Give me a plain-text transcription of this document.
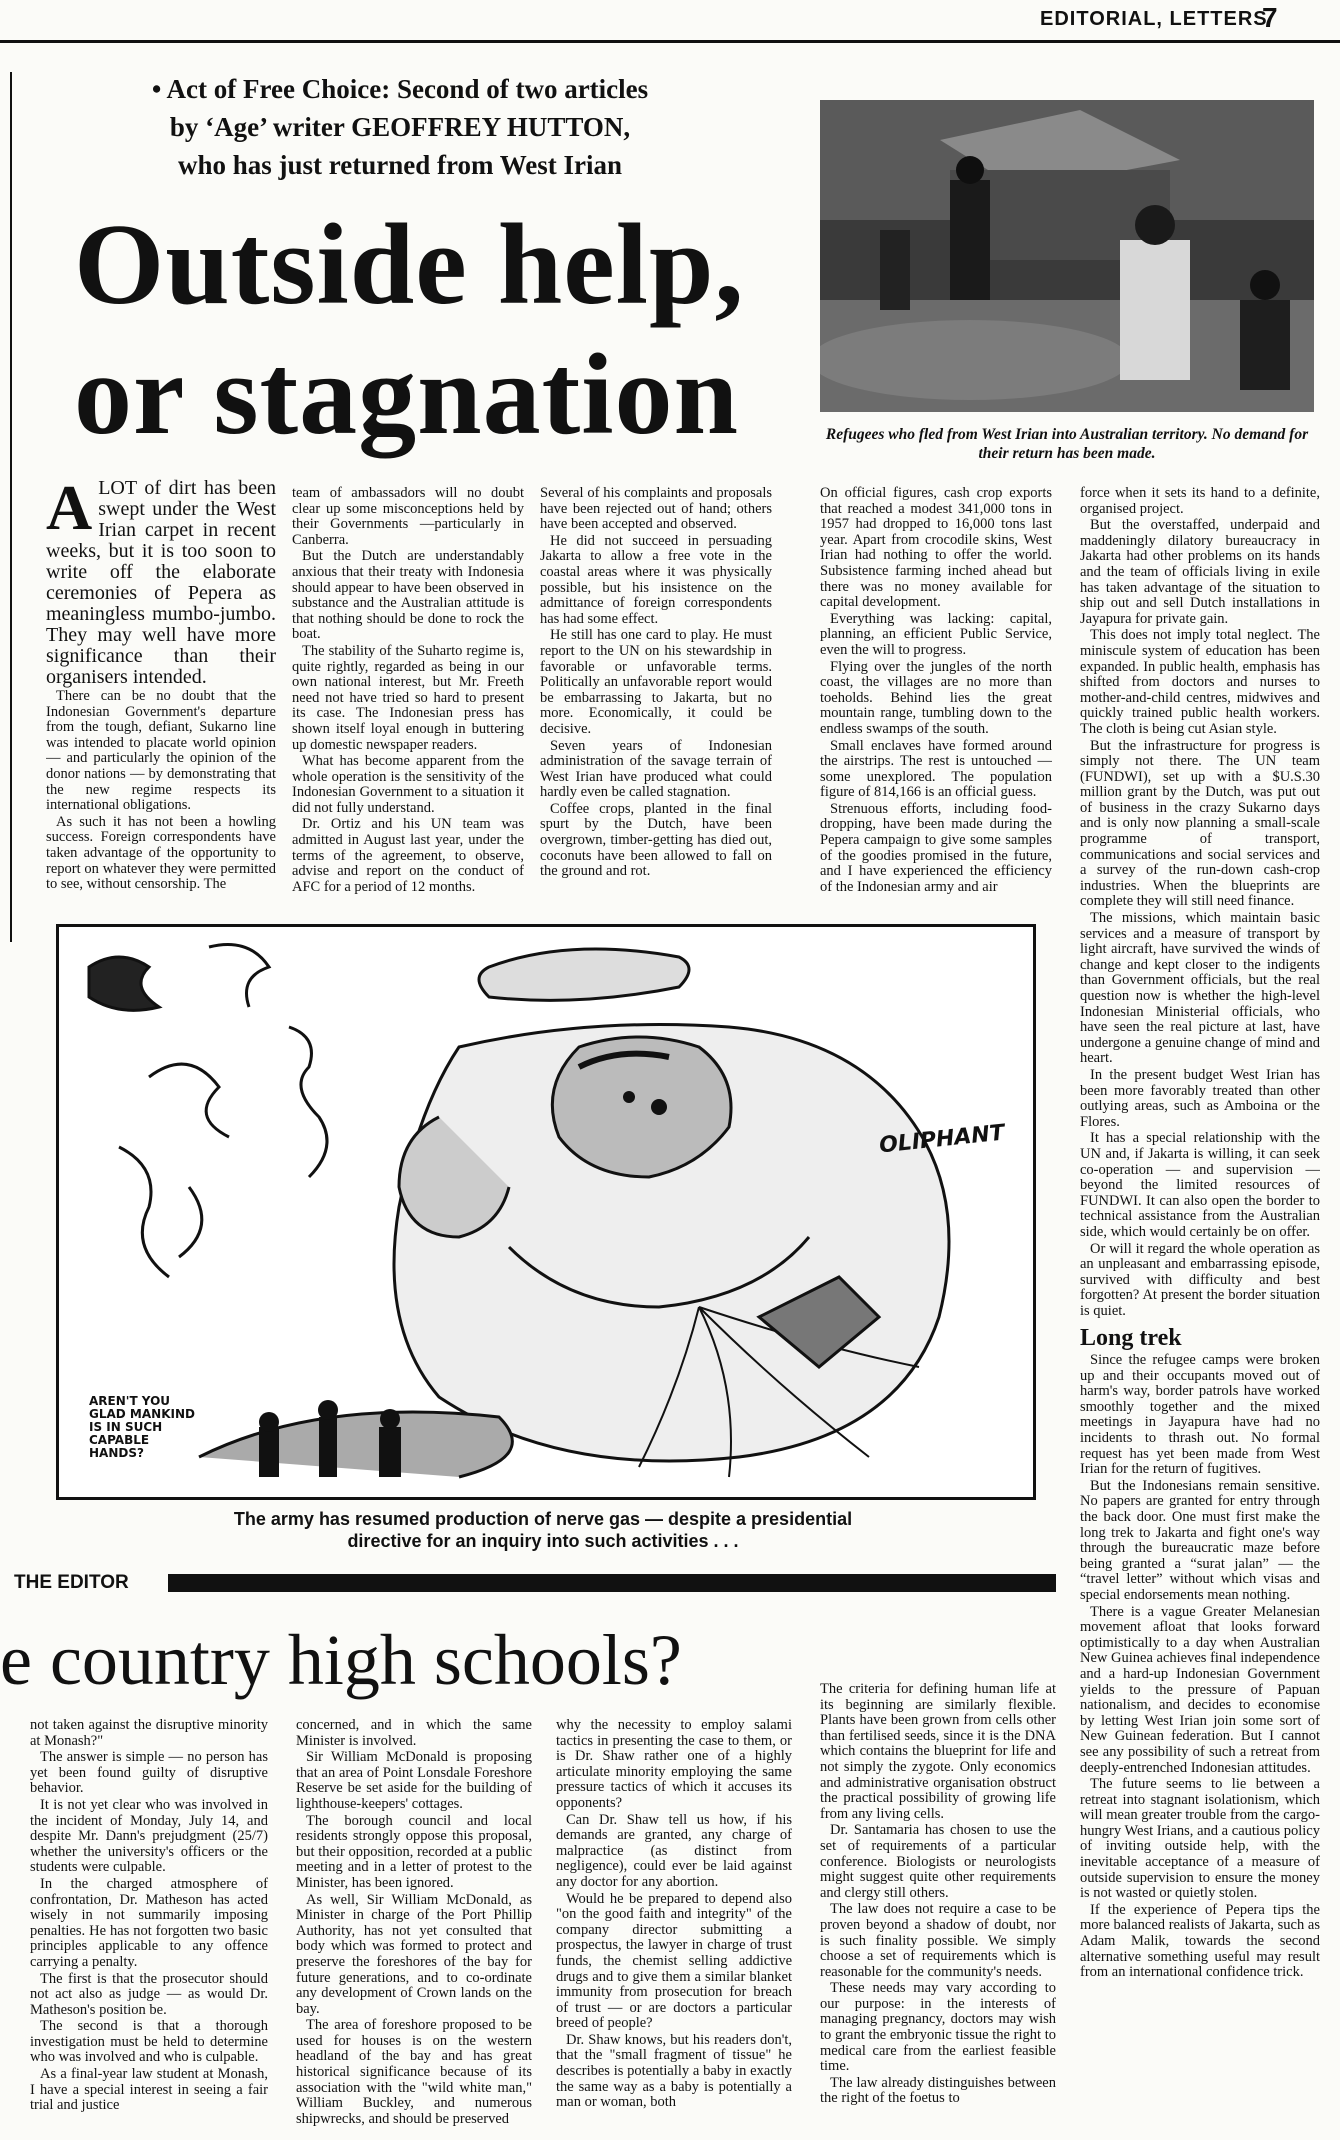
EDITORIAL, LETTERS
7
• Act of Free Choice: Second of two articles
by ‘Age’ writer GEOFFREY HUTTON,
who has just returned from West Irian
Outside help,
or stagnation	Refugees who fled from West Irian into Australian territory. No demand for their return has been made.
A LOT of dirt has been swept under the West Irian carpet in recent weeks, but it is too soon to write off the elaborate ceremonies of Pepera as meaningless mumbo-jumbo. They may well have more significance than their organisers intended.

There can be no doubt that the Indonesian Government's departure from the tough, defiant, Sukarno line was intended to placate world opinion — and particularly the opinion of the donor nations — by demonstrating that the new regime respects its international obligations.

As such it has not been a howling success. Foreign correspondents have taken advantage of the opportunity to report on whatever they were permitted to see, without censorship. The

team of ambassadors will no doubt clear up some misconceptions held by their Governments —particularly in Canberra.

But the Dutch are understandably anxious that their treaty with Indonesia should appear to have been observed in substance and the Australian attitude is that nothing should be done to rock the boat.

The stability of the Suharto regime is, quite rightly, regarded as being in our own national interest, but Mr. Freeth need not have tried so hard to present its case. The Indonesian press has shown itself loyal enough in buttering up domestic newspaper readers.

What has become apparent from the whole operation is the sensitivity of the Indonesian Government to a situation it did not fully understand.

Dr. Ortiz and his UN team was admitted in August last year, under the terms of the agreement, to observe, advise and report on the conduct of AFC for a period of 12 months.

Several of his complaints and proposals have been rejected out of hand; others have been accepted and observed.

He did not succeed in persuading Jakarta to allow a free vote in the coastal areas where it was physically possible, but his insistence on the admittance of foreign correspondents has had some effect.

He still has one card to play. He must report to the UN on his stewardship in favorable or unfavorable terms. Politically an unfavorable report would be embarrassing to Jakarta, but no more. Economically, it could be decisive.

Seven years of Indonesian administration of the savage terrain of West Irian have produced what could hardly even be called stagnation.

Coffee crops, planted in the final spurt by the Dutch, have been overgrown, timber-getting has died out, coconuts have been allowed to fall on the ground and rot.

On official figures, cash crop exports that reached a modest 341,000 tons in 1957 had dropped to 16,000 tons last year. Apart from crocodile skins, West Irian had nothing to offer the world. Subsistence farming inched ahead but there was no money available for capital development.

Everything was lacking: capital, planning, an efficient Public Service, even the will to progress.

Flying over the jungles of the north coast, the villages are no more than toeholds. Behind lies the great mountain range, tumbling down to the endless swamps of the south.

Small enclaves have formed around the airstrips. The rest is untouched — some unexplored. The population figure of 814,166 is an official guess.

Strenuous efforts, including food-dropping, have been made during the Pepera campaign to give some samples of the goodies promised in the future, and I have experienced the efficiency of the Indonesian army and air

force when it sets its hand to a definite, organised project.

But the overstaffed, underpaid and maddeningly dilatory bureaucracy in Jakarta had other problems on its hands and the team of officials living in exile has taken advantage of the situation to ship out and sell Dutch installations in Jayapura for private gain.

This does not imply total neglect. The miniscule system of education has been expanded. In public health, emphasis has shifted from doctors and nurses to mother-and-child centres, midwives and quickly trained public health workers. The cloth is being cut Asian style.

But the infrastructure for progress is simply not there. The UN team (FUNDWI), set up with a $U.S.30 million grant by the Dutch, was put out of business in the crazy Sukarno days and is only now planning a small-scale programme of transport, communications and social services and a survey of the run-down cash-crop industries. When the blueprints are complete they will still need finance.

The missions, which maintain basic services and a measure of transport by light aircraft, have survived the winds of change and kept closer to the indigents than Government officials, but the real question now is whether the high-level Indonesian Ministerial officials, who have seen the real picture at last, have undergone a genuine change of mind and heart.

In the present budget West Irian has been more favorably treated than other outlying areas, such as Amboina or the Flores.

It has a special relationship with the UN and, if Jakarta is willing, it can seek co-operation — and supervision — beyond the limited resources of FUNDWI. It can also open the border to technical assistance from the Australian side, which would certainly be on offer.

Or will it regard the whole operation as an unpleasant and embarrassing episode, survived with difficulty and best forgotten? At present the border situation is quiet.

Long trek

Since the refugee camps were broken up and their occupants moved out of harm's way, border patrols have worked smoothly together and the mixed meetings in Jayapura have had no incidents to thrash out. No formal request has yet been made from West Irian for the return of fugitives.

But the Indonesians remain sensitive. No papers are granted for entry through the back door. One must first make the long trek to Jakarta and fight one's way through the bureaucratic maze before being granted a “surat jalan” — the “travel letter” without which visas and special endorsements mean nothing.

There is a vague Greater Melanesian movement afloat that looks forward optimistically to a day when Australian New Guinea achieves final independence and a hard-up Indonesian Government yields to the pressure of Papuan nationalism, and decides to economise by letting West Irian join some sort of New Guinean federation. But I cannot see any possibility of such a retreat from deeply-entrenched Indonesian attitudes.

The future seems to lie between a retreat into stagnant isolationism, which will mean greater trouble from the cargo-hungry West Irians, and a cautious policy of inviting outside help, with the inevitable acceptance of a measure of outside supervision to ensure the money is not wasted or quietly stolen.

If the experience of Pepera tips the more balanced realists of Jakarta, such as Adam Malik, towards the second alternative something useful may result from an international confidence trick.

OLIPHANT
AREN'T YOU GLAD MANKIND IS IN SUCH CAPABLE HANDS?
The army has resumed production of nerve gas — despite a presidential
directive for an inquiry into such activities . . .
THE EDITOR
e country high schools?

not taken against the disruptive minority at Monash?"

The answer is simple — no person has yet been found guilty of disruptive behavior.

It is not yet clear who was involved in the incident of Monday, July 14, and despite Mr. Dann's prejudgment (25/7) whether the university's officers or the students were culpable.

In the charged atmosphere of confrontation, Dr. Matheson has acted wisely in not summarily imposing penalties. He has not forgotten two basic principles applicable to any offence carrying a penalty.

The first is that the prosecutor should not act also as judge — as would Dr. Matheson's position be.

The second is that a thorough investigation must be held to determine who was involved and who is culpable.

As a final-year law student at Monash, I have a special interest in seeing a fair trial and justice

concerned, and in which the same Minister is involved.

Sir William McDonald is proposing that an area of Point Lonsdale Foreshore Reserve be set aside for the building of lighthouse-keepers' cottages.

The borough council and local residents strongly oppose this proposal, but their opposition, recorded at a public meeting and in a letter of protest to the Minister, has been ignored.

As well, Sir William McDonald, as Minister in charge of the Port Phillip Authority, has not yet consulted that body which was formed to protect and preserve the foreshores of the bay for future generations, and to co-ordinate any development of Crown lands on the bay.

The area of foreshore proposed to be used for houses is on the western headland of the bay and has great historical significance because of its association with the "wild white man," William Buckley, and numerous shipwrecks, and should be preserved

why the necessity to employ salami tactics in presenting the case to them, or is Dr. Shaw rather one of a highly articulate minority employing the same pressure tactics of which it accuses its opponents?

Can Dr. Shaw tell us how, if his demands are granted, any charge of malpractice (as distinct from negligence), could ever be laid against any doctor for any abortion.

Would he be prepared to depend also "on the good faith and integrity" of the company director submitting a prospectus, the lawyer in charge of trust funds, the chemist selling addictive drugs and to give them a similar blanket immunity from prosecution for breach of trust — or are doctors a particular breed of people?

Dr. Shaw knows, but his readers don't, that the "small fragment of tissue" he describes is potentially a baby in exactly the same way as a baby is potentially a man or woman, both

The criteria for defining human life at its beginning are similarly flexible. Plants have been grown from cells other than fertilised seeds, since it is the DNA which contains the blueprint for life and not simply the zygote. Only economics and administrative organisation obstruct the practical possibility of growing life from any living cells.

Dr. Santamaria has chosen to use the set of requirements of a particular conference. Biologists or neurologists might suggest quite other requirements and clergy still others.

The law does not require a case to be proven beyond a shadow of doubt, nor is such finality possible. We simply choose a set of requirements which is reasonable for the community's needs.

These needs may vary according to our purpose: in the interests of managing pregnancy, doctors may wish to grant the embryonic tissue the right to medical care from the earliest feasible time.

The law already distinguishes between the right of the foetus to
